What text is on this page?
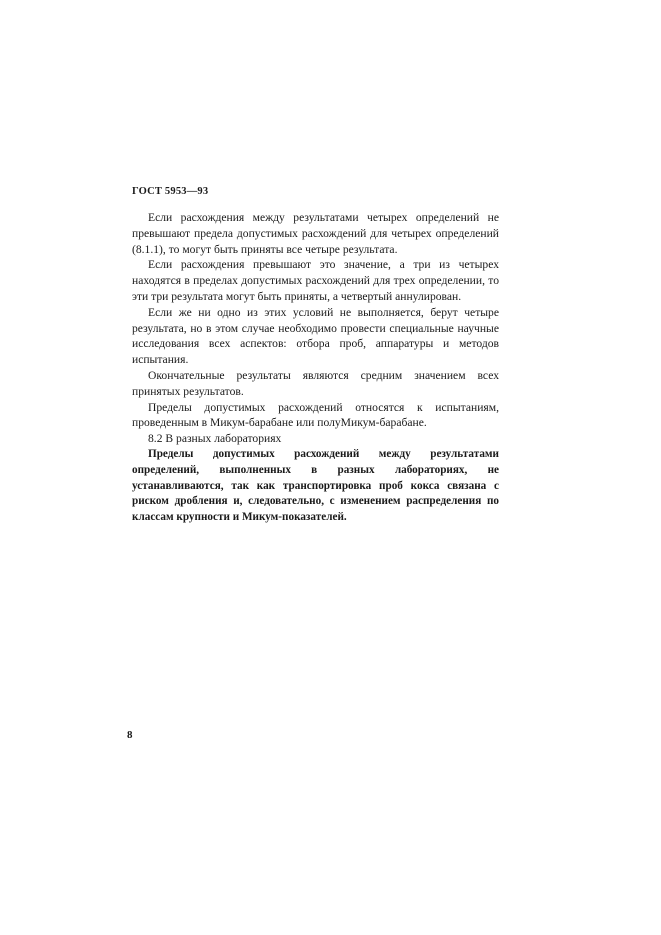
ГОСТ 5953—93

Если расхождения между результатами четырех определений не превышают предела допустимых расхождений для четырех определений (8.1.1), то могут быть приняты все четыре результата.

Если расхождения превышают это значение, а три из четырех находятся в пределах допустимых расхождений для трех определении, то эти три результата могут быть приняты, а четвертый аннулирован.

Если же ни одно из этих условий не выполняется, берут четыре результата, но в этом случае необходимо провести специальные научные исследования всех аспектов: отбора проб, аппаратуры и методов испытания.

Окончательные результаты являются средним значением всех принятых результатов.

Пределы допустимых расхождений относятся к испытаниям, проведенным в Микум-барабане или полуМикум-барабане.

8.2 В разных лабораториях

Пределы допустимых расхождений между результатами определений, выполненных в разных лабораториях, не устанавливаются, так как транспортировка проб кокса связана с риском дробления и, следовательно, с изменением распределения по классам крупности и Микум-показателей.

8
